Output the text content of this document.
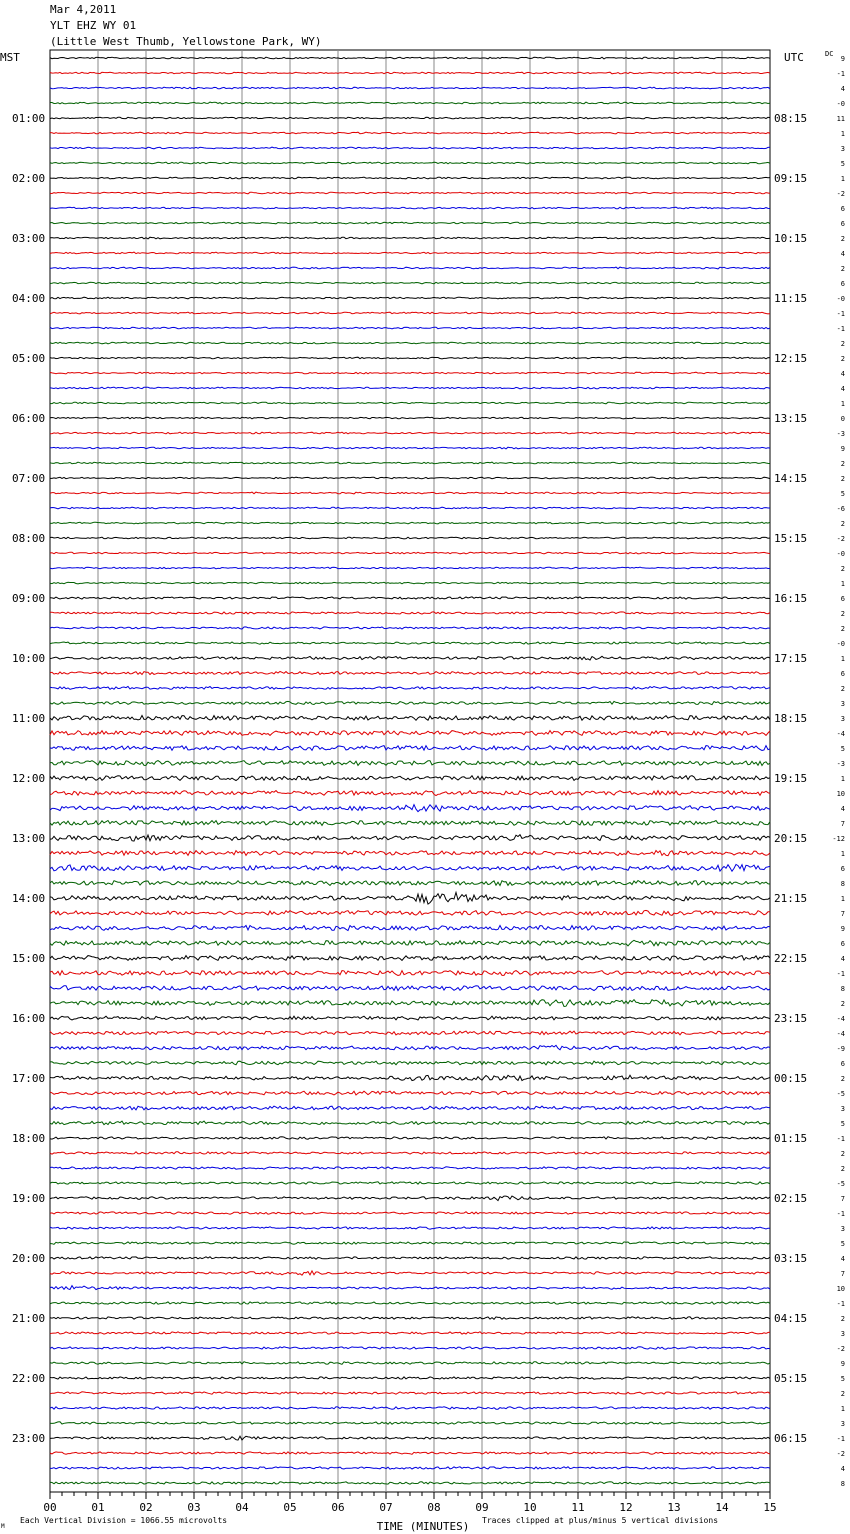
Mar 4,2011
YLT EHZ WY 01
(Little West Thumb, Yellowstone Park, WY)
9
-1
4
-0
11
1
3
5
1
-2
6
6
2
4
2
6
-0
-1
-1
2
2
4
4
1
0
-3
9
2
2
5
-6
2
-2
-0
2
1
6
2
2
-0
1
6
2
3
3
-4
5
-3
1
10
4
7
-12
1
6
8
1
7
9
6
4
-1
8
2
-4
-4
-9
6
2
-5
3
5
-1
2
2
-5
7
-1
3
5
4
7
10
-1
2
3
-2
9
5
2
1
3
-1
-2
4
8
01:00
02:00
03:00
04:00
05:00
06:00
07:00
08:00
09:00
10:00
11:00
12:00
13:00
14:00
15:00
16:00
17:00
18:00
19:00
20:00
21:00
22:00
23:00
08:15
09:15
10:15
11:15
12:15
13:15
14:15
15:15
16:15
17:15
18:15
19:15
20:15
21:15
22:15
23:15
00:15
01:15
02:15
03:15
04:15
05:15
06:15
MST	UTC	DC
00	01	02	03	04	05	06	07	08	09	10	11	12	13	14	15
TIME (MINUTES)
Each Vertical Division = 1066.55 microvolts	Traces clipped at plus/minus 5 vertical divisions
M
